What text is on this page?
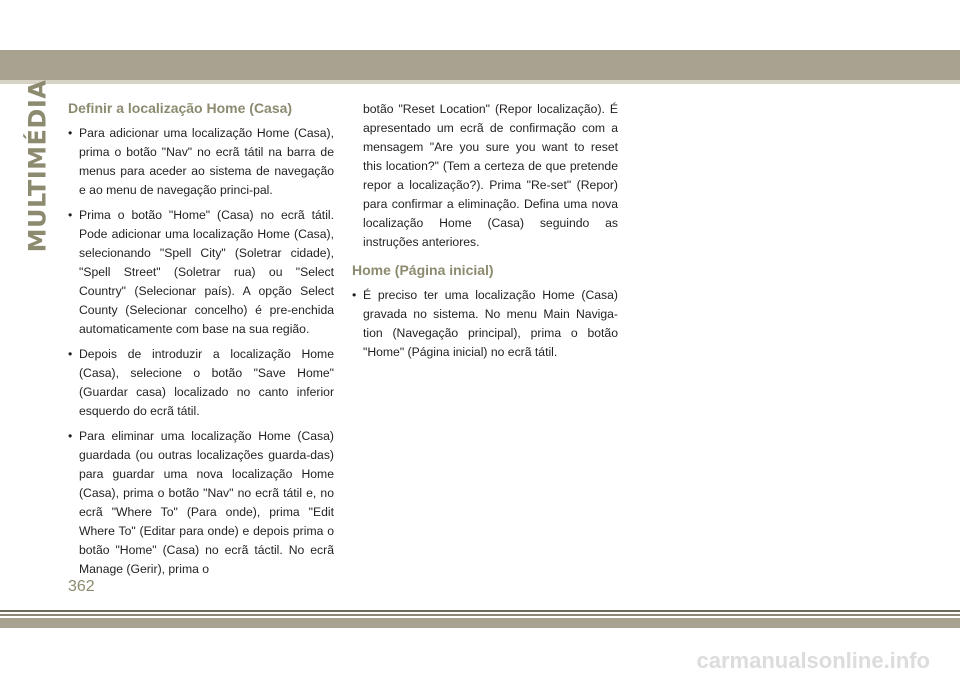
MULTIMÉDIA Definir a localização Home (Casa)
• Para adicionar uma localização Home (Casa), prima o botão "Nav" no ecrã tátil na barra de menus para aceder ao sistema de navegação e ao menu de navegação princi-pal.
• Prima o botão "Home" (Casa) no ecrã tátil. Pode adicionar uma localização Home (Casa), selecionando "Spell City" (Soletrar cidade), "Spell Street" (Soletrar rua) ou "Select Country" (Selecionar país). A opção Select County (Selecionar concelho) é pre-enchida automaticamente com base na sua região.
• Depois de introduzir a localização Home (Casa), selecione o botão "Save Home" (Guardar casa) localizado no canto inferior esquerdo do ecrã tátil.
• Para eliminar uma localização Home (Casa) guardada (ou outras localizações guarda-das) para guardar uma nova localização Home (Casa), prima o botão "Nav" no ecrã tátil e, no ecrã "Where To" (Para onde), prima "Edit Where To" (Editar para onde) e depois prima o botão "Home" (Casa) no ecrã táctil. No ecrã Manage (Gerir), prima o

botão "Reset Location" (Repor localização). É apresentado um ecrã de confirmação com a mensagem "Are you sure you want to reset this location?" (Tem a certeza de que pretende repor a localização?). Prima "Re-set" (Repor) para confirmar a eliminação. Defina uma nova localização Home (Casa) seguindo as instruções anteriores.

Home (Página inicial)
• É preciso ter uma localização Home (Casa) gravada no sistema. No menu Main Naviga-tion (Navegação principal), prima o botão "Home" (Página inicial) no ecrã tátil.
362
carmanualsonline.info
